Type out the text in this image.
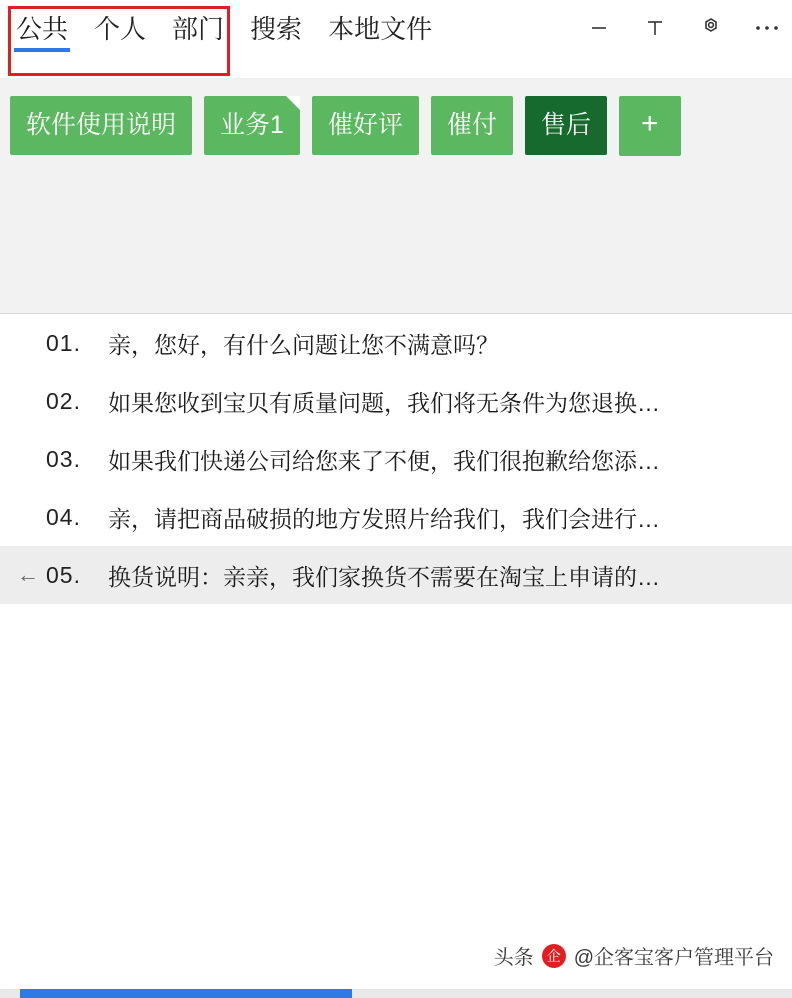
公共 个人 部门 搜索 本地文件
软件使用说明	业务1	催好评	催付	售后	+
01.	亲，您好，有什么问题让您不满意吗？
02.	如果您收到宝贝有质量问题，我们将无条件为您退换…
03.	如果我们快递公司给您来了不便，我们很抱歉给您添…
04.	亲，请把商品破损的地方发照片给我们，我们会进行…
← 05.	换货说明：亲亲，我们家换货不需要在淘宝上申请的…
头条 企 @企客宝客户管理平台
